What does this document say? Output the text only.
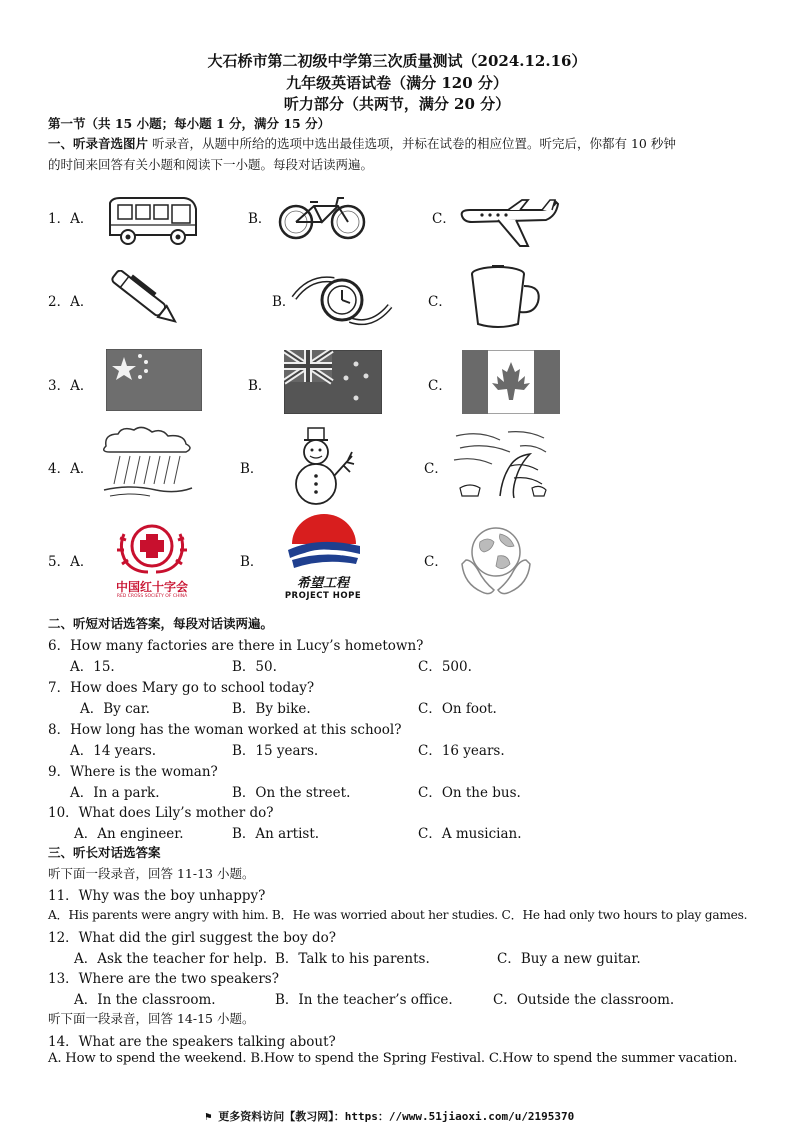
大石桥市第二初级中学第三次质量测试（2024.12.16）
九年级英语试卷（满分 120 分）
听力部分（共两节，满分 20 分）
第一节（共 15 小题；每小题 1 分，满分 15 分）
一、听录音选图片 听录音，从题中所给的选项中选出最佳选项，并标在试卷的相应位置。听完后，你都有 10 秒钟
的时间来回答有关小题和阅读下一小题。每段对话读两遍。
1．A．	B．	C．
2．A．	B．	C．
3．A．	B．	C．
4．A．	B．	C．
5．A．	B．	C．
中国红十字会
RED CROSS SOCIETY OF CHINA
希望工程
PROJECT HOPE
二、听短对话选答案，每段对话读两遍。
6．How many factories are there in Lucy’s hometown?
A．15.	B．50.	C．500.
7．How does Mary go to school today?
A．By car.	B．By bike.	C．On foot.
8．How long has the woman worked at this school?
A．14 years.	B．15 years.	C．16 years.
9．Where is the woman?
A．In a park.	B．On the street.	C．On the bus.
10．What does Lily’s mother do?
A．An engineer.	B．An artist.	C．A musician.
三、听长对话选答案
听下面一段录音，回答 11-13 小题。
11．Why was the boy unhappy?
A．His parents were angry with him. B．He was worried about her studies. C．He had only two hours to play games.
12．What did the girl suggest the boy do?
A．Ask the teacher for help. B．Talk to his parents.	C．Buy a new guitar.
13．Where are the two speakers?
A．In the classroom.	B．In the teacher’s office.	C．Outside the classroom.
听下面一段录音，回答 14-15 小题。
14．What are the speakers talking about?
A. How to spend the weekend. B.How to spend the Spring Festival. C.How to spend the summer vacation.
⚑ 更多资料访问【教习网】：https：//www.51jiaoxi.com/u/2195370
